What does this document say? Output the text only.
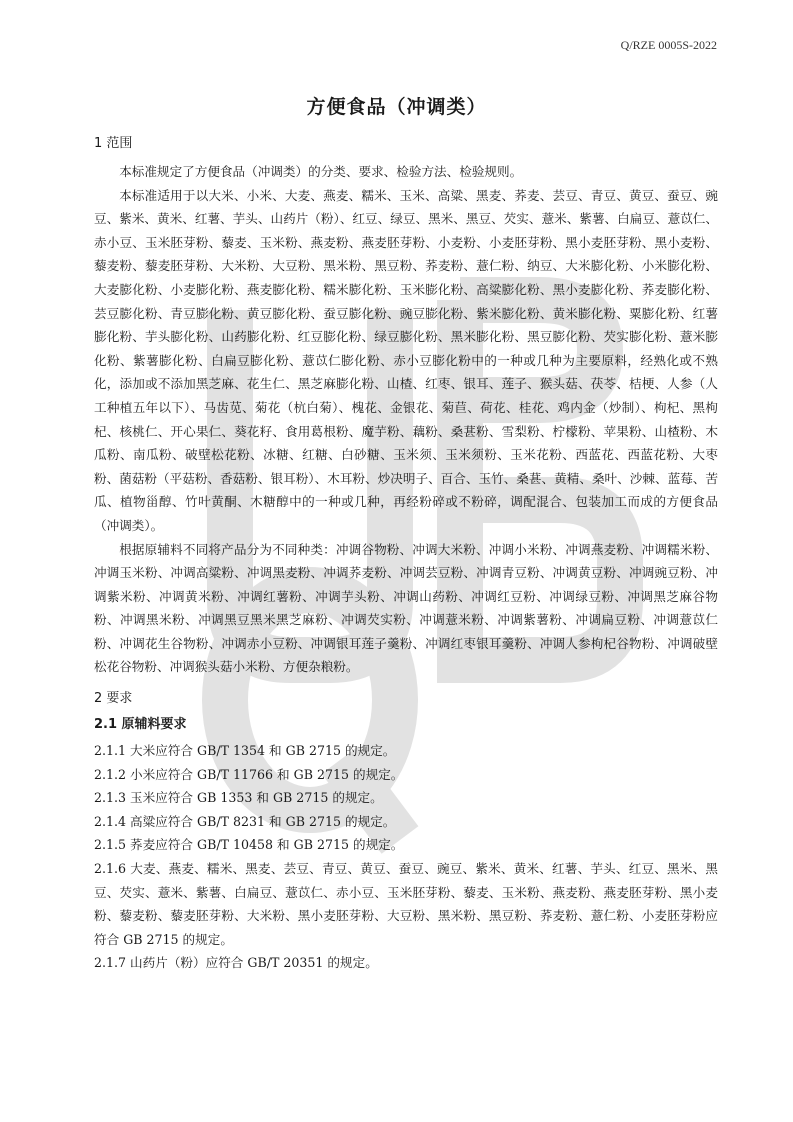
Q/RZE 0005S-2022
方便食品（冲调类）
1 范围

本标准规定了方便食品（冲调类）的分类、要求、检验方法、检验规则。

本标准适用于以大米、小米、大麦、燕麦、糯米、玉米、高粱、黑麦、荞麦、芸豆、青豆、黄豆、蚕豆、豌豆、紫米、黄米、红薯、芋头、山药片（粉）、红豆、绿豆、黑米、黑豆、芡实、薏米、紫薯、白扁豆、薏苡仁、赤小豆、玉米胚芽粉、藜麦、玉米粉、燕麦粉、燕麦胚芽粉、小麦粉、小麦胚芽粉、黑小麦胚芽粉、黑小麦粉、藜麦粉、藜麦胚芽粉、大米粉、大豆粉、黑米粉、黑豆粉、荞麦粉、薏仁粉、纳豆、大米膨化粉、小米膨化粉、大麦膨化粉、小麦膨化粉、燕麦膨化粉、糯米膨化粉、玉米膨化粉、高粱膨化粉、黑小麦膨化粉、荞麦膨化粉、芸豆膨化粉、青豆膨化粉、黄豆膨化粉、蚕豆膨化粉、豌豆膨化粉、紫米膨化粉、黄米膨化粉、粟膨化粉、红薯膨化粉、芋头膨化粉、山药膨化粉、红豆膨化粉、绿豆膨化粉、黑米膨化粉、黑豆膨化粉、芡实膨化粉、薏米膨化粉、紫薯膨化粉、白扁豆膨化粉、薏苡仁膨化粉、赤小豆膨化粉中的一种或几种为主要原料，经熟化或不熟化，添加或不添加黑芝麻、花生仁、黑芝麻膨化粉、山楂、红枣、银耳、莲子、猴头菇、茯苓、桔梗、人参（人工种植五年以下）、马齿苋、菊花（杭白菊）、槐花、金银花、菊苣、荷花、桂花、鸡内金（炒制）、枸杞、黑枸杞、核桃仁、开心果仁、葵花籽、食用葛根粉、魔芋粉、藕粉、桑葚粉、雪梨粉、柠檬粉、苹果粉、山楂粉、木瓜粉、南瓜粉、破壁松花粉、冰糖、红糖、白砂糖、玉米须、玉米须粉、玉米花粉、西蓝花、西蓝花粉、大枣粉、菌菇粉（平菇粉、香菇粉、银耳粉）、木耳粉、炒决明子、百合、玉竹、桑葚、黄精、桑叶、沙棘、蓝莓、苦瓜、植物甾醇、竹叶黄酮、木糖醇中的一种或几种，再经粉碎或不粉碎，调配混合、包装加工而成的方便食品（冲调类）。

根据原辅料不同将产品分为不同种类：冲调谷物粉、冲调大米粉、冲调小米粉、冲调燕麦粉、冲调糯米粉、冲调玉米粉、冲调高粱粉、冲调黑麦粉、冲调荞麦粉、冲调芸豆粉、冲调青豆粉、冲调黄豆粉、冲调豌豆粉、冲调紫米粉、冲调黄米粉、冲调红薯粉、冲调芋头粉、冲调山药粉、冲调红豆粉、冲调绿豆粉、冲调黑芝麻谷物粉、冲调黑米粉、冲调黑豆黑米黑芝麻粉、冲调芡实粉、冲调薏米粉、冲调紫薯粉、冲调扁豆粉、冲调薏苡仁粉、冲调花生谷物粉、冲调赤小豆粉、冲调银耳莲子羹粉、冲调红枣银耳羹粉、冲调人参枸杞谷物粉、冲调破壁松花谷物粉、冲调猴头菇小米粉、方便杂粮粉。

2 要求
2.1 原辅料要求

2.1.1 大米应符合 GB/T 1354 和 GB 2715 的规定。

2.1.2 小米应符合 GB/T 11766 和 GB 2715 的规定。

2.1.3 玉米应符合 GB 1353 和 GB 2715 的规定。

2.1.4 高粱应符合 GB/T 8231 和 GB 2715 的规定。

2.1.5 荞麦应符合 GB/T 10458 和 GB 2715 的规定。

2.1.6 大麦、燕麦、糯米、黑麦、芸豆、青豆、黄豆、蚕豆、豌豆、紫米、黄米、红薯、芋头、红豆、黑米、黑豆、芡实、薏米、紫薯、白扁豆、薏苡仁、赤小豆、玉米胚芽粉、藜麦、玉米粉、燕麦粉、燕麦胚芽粉、黑小麦粉、藜麦粉、藜麦胚芽粉、大米粉、黑小麦胚芽粉、大豆粉、黑米粉、黑豆粉、荞麦粉、薏仁粉、小麦胚芽粉应符合 GB 2715 的规定。

2.1.7 山药片（粉）应符合 GB/T 20351 的规定。
